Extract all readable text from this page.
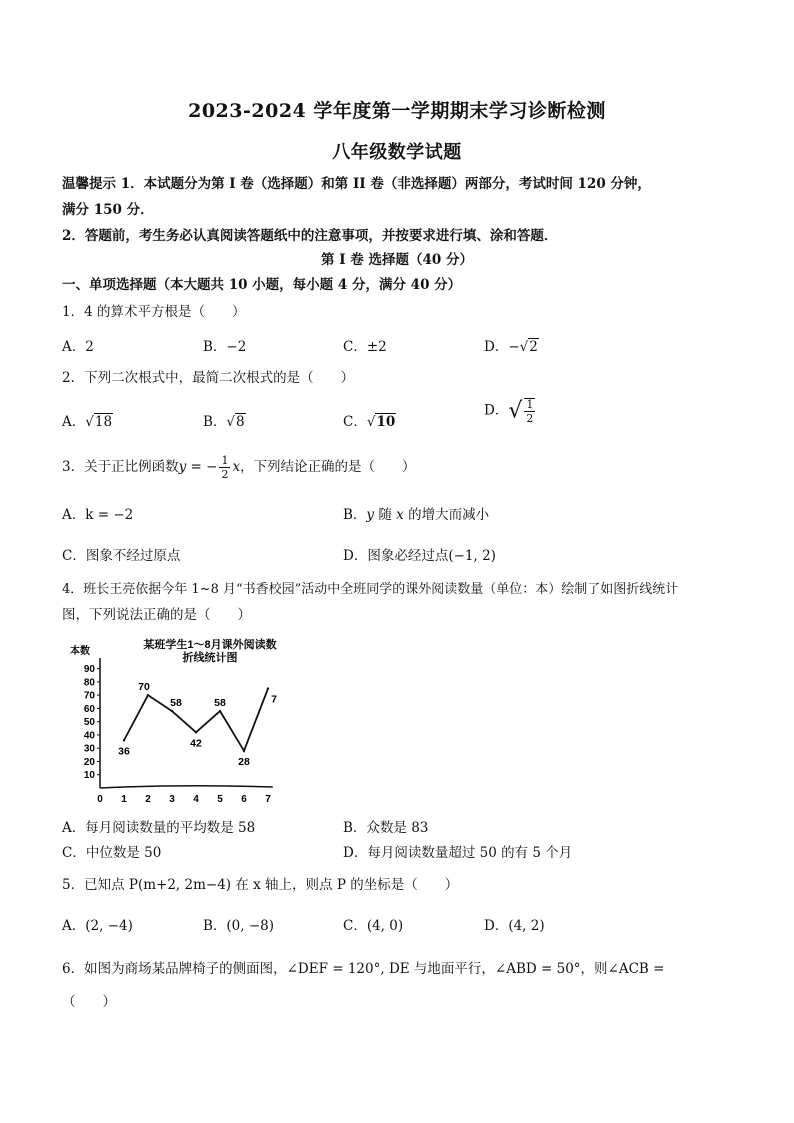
2023-2024 学年度第一学期期末学习诊断检测
八年级数学试题
温馨提示 1．本试题分为第 I 卷（选择题）和第 II 卷（非选择题）两部分，考试时间 120 分钟，
满分 150 分．
2．答题前，考生务必认真阅读答题纸中的注意事项，并按要求进行填、涂和答题．
第 I 卷 选择题（40 分）
一、单项选择题（本大题共 10 小题，每小题 4 分，满分 40 分）
1．4 的算术平方根是（　　）
A．2	B．−2	C．±2	D．−√2
2．下列二次根式中，最简二次根式的是（　　）
A．√18	B．√8	C．√10
D．√ $\frac{1}{2}$
3．关于正比例函数y = − $\frac{1}{2}$ x，下列结论正确的是（　　）
A．k = −2	B．y 随 x 的增大而减小
C．图象不经过原点	D．图象必经过点(−1, 2)
4．班长王亮依据今年 1~8 月“书香校园”活动中全班同学的课外阅读数量（单位：本）绘制了如图折线统计
图，下列说法正确的是（　　）
某班学生1～8月课外阅读数
折线统计图
本数
10
20
30
40
50
60
70
80
90
0 1 2 3 4 5 6 7
36
70
58
42
58
28
7
A．每月阅读数量的平均数是 58	B．众数是 83
C．中位数是 50	D．每月阅读数量超过 50 的有 5 个月
5．已知点 P(m+2, 2m−4) 在 x 轴上，则点 P 的坐标是（　　）
A．(2, −4)	B．(0, −8)	C．(4, 0)	D．(4, 2)
6．如图为商场某品牌椅子的侧面图，∠DEF = 120°, DE 与地面平行，∠ABD = 50°，则∠ACB =
（　　）
